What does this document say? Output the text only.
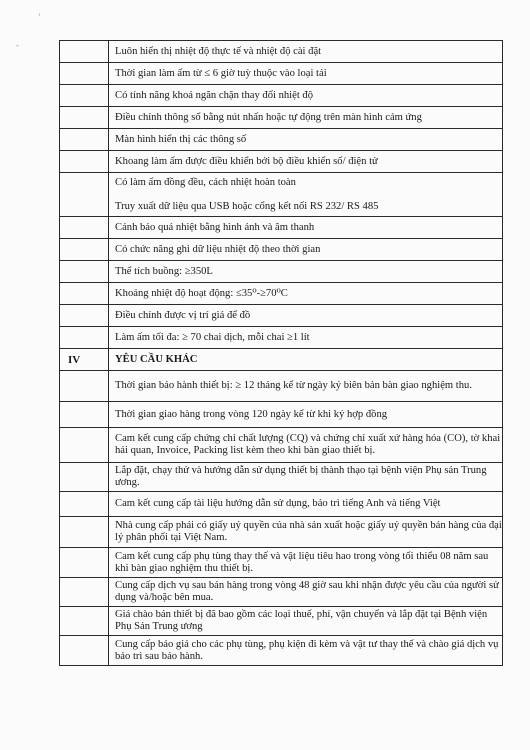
ʼ
-
	Luôn hiển thị nhiệt độ thực tế và nhiệt độ cài đặt
	Thời gian làm ấm từ ≤ 6 giờ tuỳ thuộc vào loại tải
	Có tính năng khoá ngăn chặn thay đổi nhiệt độ
	Điều chỉnh thông số bằng nút nhấn hoặc tự động trên màn hình cảm ứng
	Màn hình hiển thị các thông số
	Khoang làm ấm được điều khiển bởi bộ điều khiển số/ điện tử

	Có làm ấm đồng đều, cách nhiệt hoàn toàn
Truy xuất dữ liệu qua USB hoặc cổng kết nối RS 232/ RS 485

	Cảnh báo quá nhiệt bằng hình ảnh và âm thanh
	Có chức năng ghi dữ liệu nhiệt độ theo thời gian
	Thể tích buồng: ≥350L
	Khoảng nhiệt độ hoạt động: ≤35⁰-≥70⁰C
	Điều chỉnh được vị trí giá để đồ
	Làm ấm tối đa: ≥ 70 chai dịch, mỗi chai ≥1 lít
IV	YÊU CẦU KHÁC
	Thời gian bảo hành thiết bị: ≥ 12 tháng kể từ ngày ký biên bản bàn giao nghiệm thu.
	Thời gian giao hàng trong vòng 120 ngày kể từ khi ký hợp đồng
	Cam kết cung cấp chứng chỉ chất lượng (CQ) và chứng chỉ xuất xứ hàng hóa (CO), tờ khai hải quan, Invoice, Packing list kèm theo khi bàn giao thiết bị.
	Lắp đặt, chạy thử và hướng dẫn sử dụng thiết bị thành thạo tại bệnh viện Phụ sản Trung ương.
	Cam kết cung cấp tài liệu hướng dẫn sử dụng, bảo trì tiếng Anh và tiếng Việt
	Nhà cung cấp phải có giấy uỷ quyền của nhà sản xuất hoặc giấy uỷ quyền bán hàng của đại lý phân phối tại Việt Nam.
	Cam kết cung cấp phụ tùng thay thế và vật liệu tiêu hao trong vòng tối thiểu 08 năm sau khi bàn giao nghiệm thu thiết bị.
	Cung cấp dịch vụ sau bán hàng trong vòng 48 giờ sau khi nhận được yêu cầu của người sử dụng và/hoặc bên mua.
	Giá chào bán thiết bị đã bao gồm các loại thuế, phí, vận chuyển và lắp đặt tại Bệnh viện Phụ Sản Trung ương
	Cung cấp báo giá cho các phụ tùng, phụ kiện đi kèm và vật tư thay thế và chào giá dịch vụ bảo trì sau bảo hành.
